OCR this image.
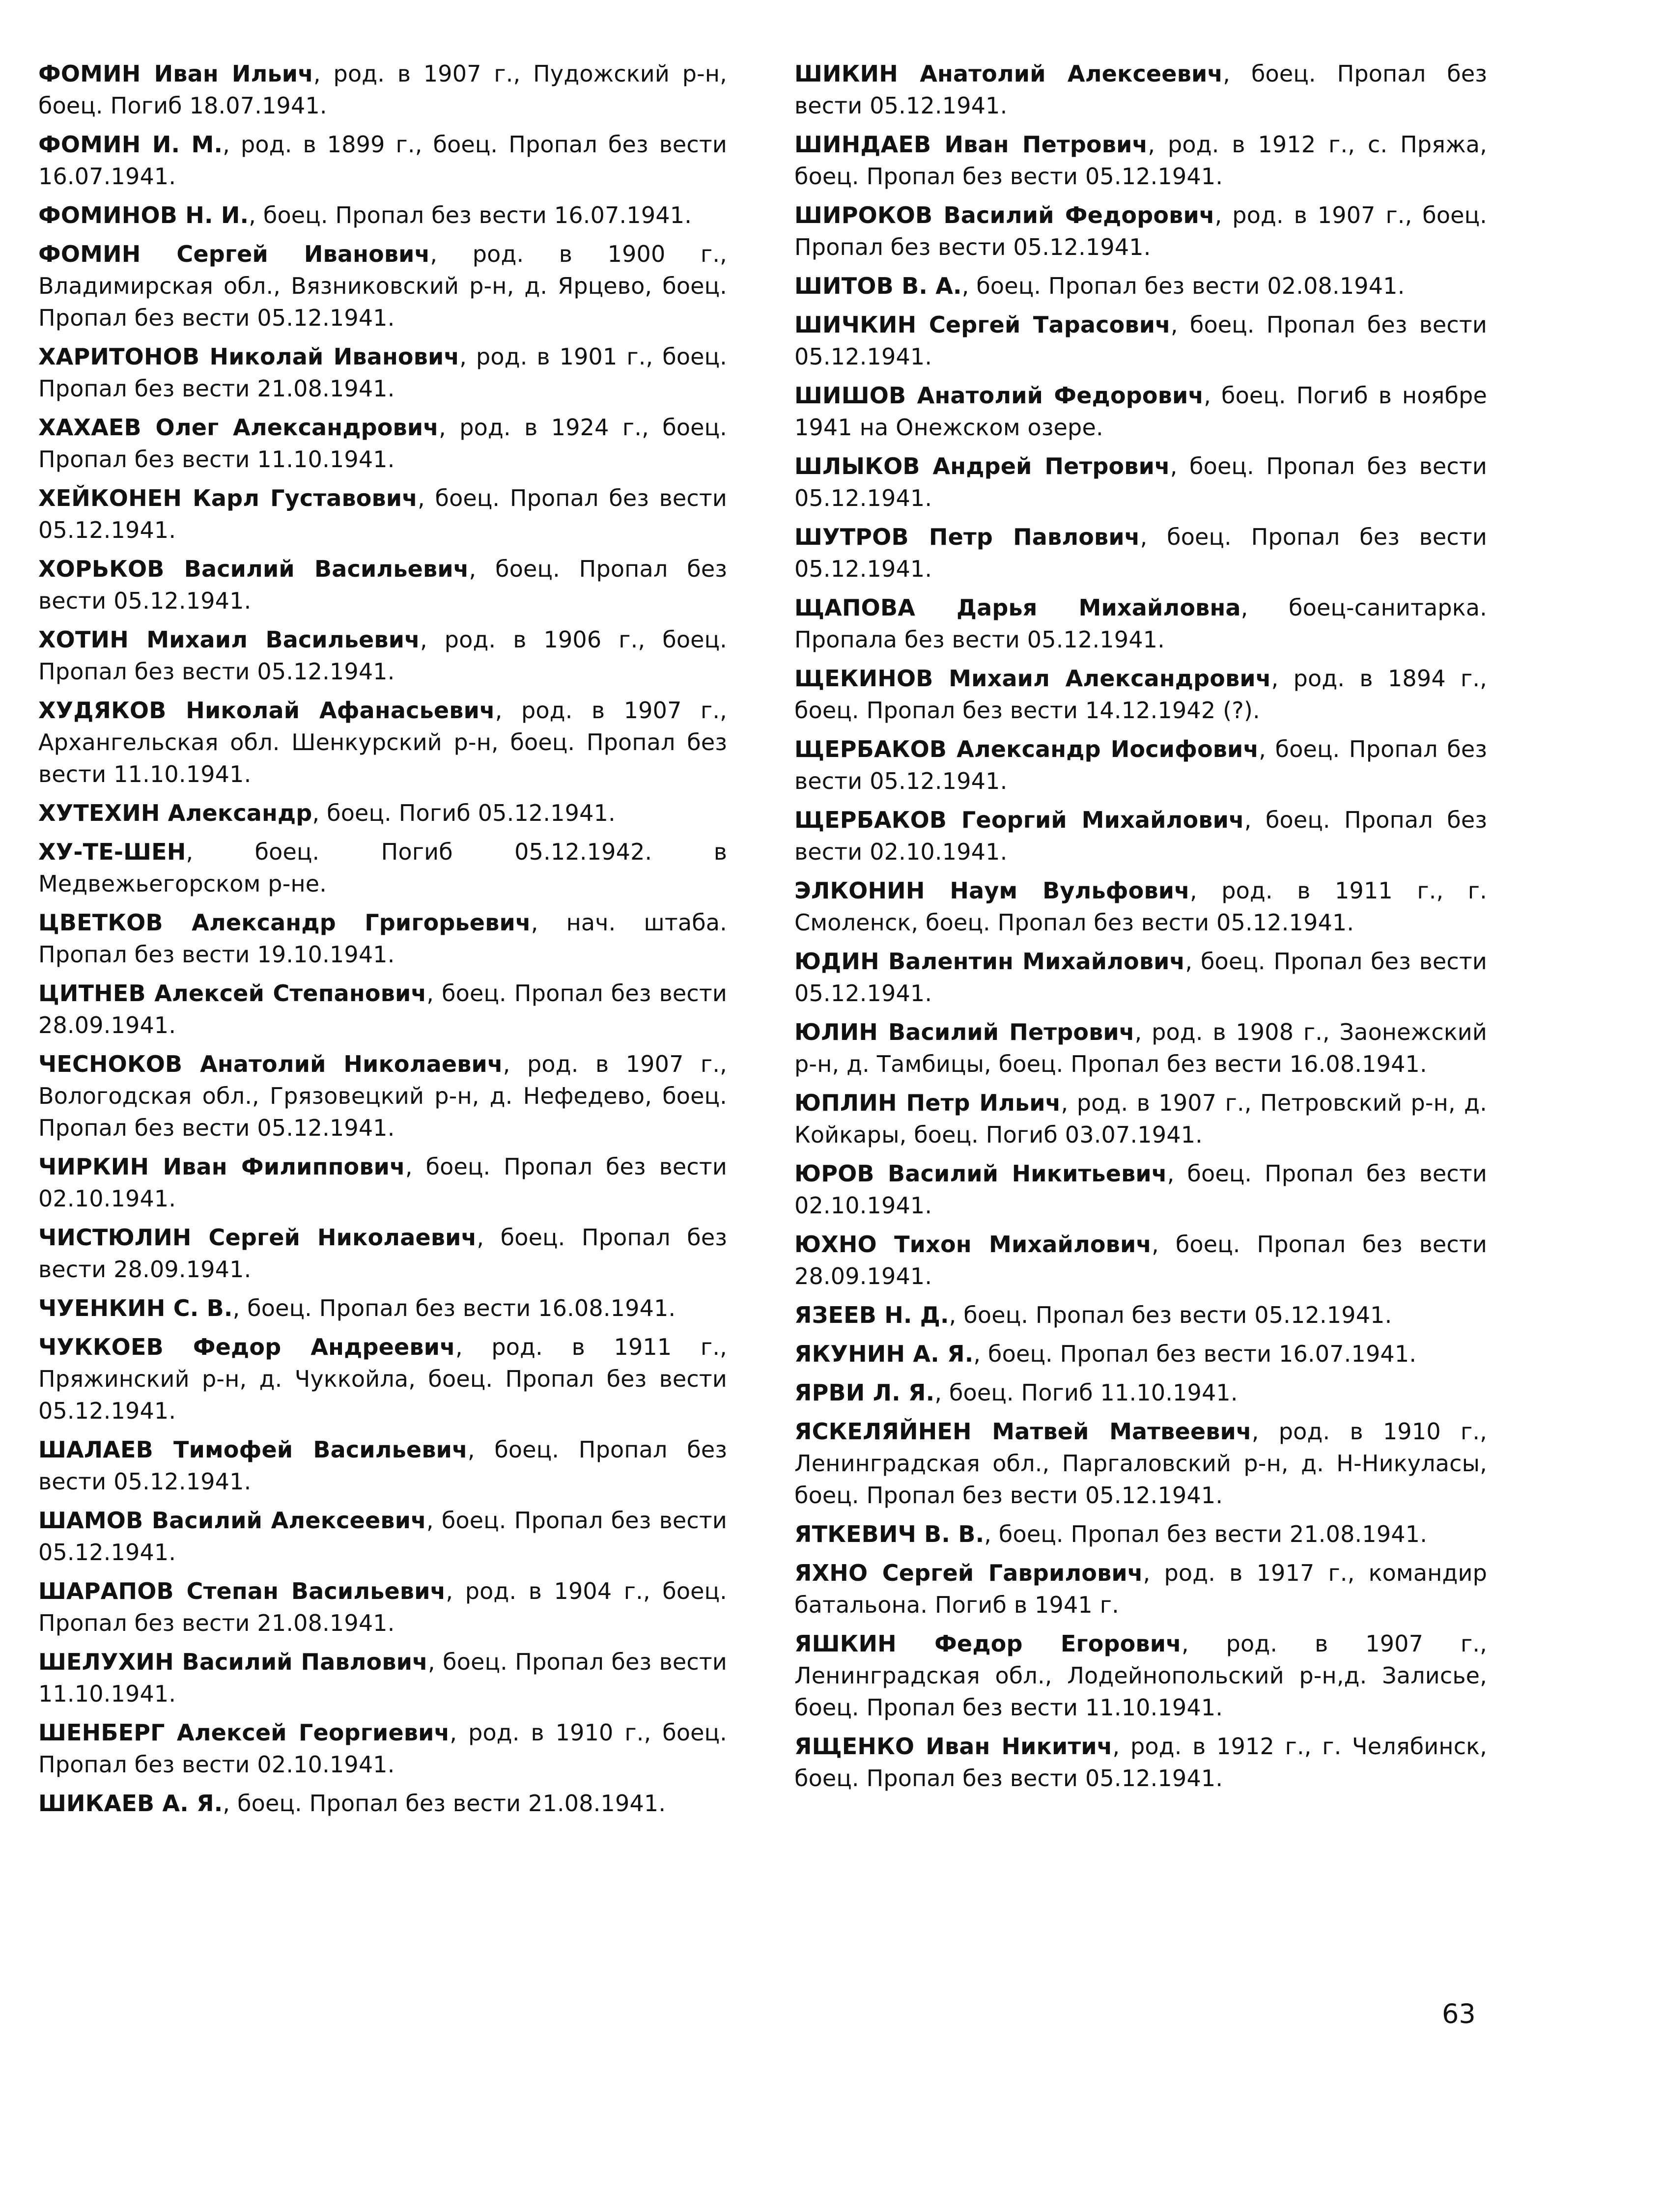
ФОМИН Иван Ильич, род. в 1907 г., Пудожский р-н, боец. Погиб 18.07.1941.

ФОМИН И. М., род. в 1899 г., боец. Пропал без вести 16.07.1941.

ФОМИНОВ Н. И., боец. Пропал без вести 16.07.1941.

ФОМИН Сергей Иванович, род. в 1900 г., Владимирская обл., Вязниковский р-н, д. Ярцево, боец. Пропал без вести 05.12.1941.

ХАРИТОНОВ Николай Иванович, род. в 1901 г., боец. Пропал без вести 21.08.1941.

ХАХАЕВ Олег Александрович, род. в 1924 г., боец. Пропал без вести 11.10.1941.

ХЕЙКОНЕН Карл Густавович, боец. Пропал без вести 05.12.1941.

ХОРЬКОВ Василий Васильевич, боец. Пропал без вести 05.12.1941.

ХОТИН Михаил Васильевич, род. в 1906 г., боец. Пропал без вести 05.12.1941.

ХУДЯКОВ Николай Афанасьевич, род. в 1907 г., Архангельская обл. Шенкурский р-н, боец. Пропал без вести 11.10.1941.

ХУТЕХИН Александр, боец. Погиб 05.12.1941.

ХУ-ТЕ-ШЕН, боец. Погиб 05.12.1942. в Медвежьегорском р-не.

ЦВЕТКОВ Александр Григорьевич, нач. штаба. Пропал без вести 19.10.1941.

ЦИТНЕВ Алексей Степанович, боец. Пропал без вести 28.09.1941.

ЧЕСНОКОВ Анатолий Николаевич, род. в 1907 г., Вологодская обл., Грязовецкий р-н, д. Нефедево, боец. Пропал без вести 05.12.1941.

ЧИРКИН Иван Филиппович, боец. Пропал без вести 02.10.1941.

ЧИСТЮЛИН Сергей Николаевич, боец. Пропал без вести 28.09.1941.

ЧУЕНКИН С. В., боец. Пропал без вести 16.08.1941.

ЧУККОЕВ Федор Андреевич, род. в 1911 г., Пряжинский р-н, д. Чуккойла, боец. Пропал без вести 05.12.1941.

ШАЛАЕВ Тимофей Васильевич, боец. Пропал без вести 05.12.1941.

ШАМОВ Василий Алексеевич, боец. Пропал без вести 05.12.1941.

ШАРАПОВ Степан Васильевич, род. в 1904 г., боец. Пропал без вести 21.08.1941.

ШЕЛУХИН Василий Павлович, боец. Пропал без вести 11.10.1941.

ШЕНБЕРГ Алексей Георгиевич, род. в 1910 г., боец. Пропал без вести 02.10.1941.

ШИКАЕВ А. Я., боец. Пропал без вести 21.08.1941.

ШИКИН Анатолий Алексеевич, боец. Пропал без вести 05.12.1941.

ШИНДАЕВ Иван Петрович, род. в 1912 г., с. Пряжа, боец. Пропал без вести 05.12.1941.

ШИРОКОВ Василий Федорович, род. в 1907 г., боец. Пропал без вести 05.12.1941.

ШИТОВ В. А., боец. Пропал без вести 02.08.1941.

ШИЧКИН Сергей Тарасович, боец. Пропал без вести 05.12.1941.

ШИШОВ Анатолий Федорович, боец. Погиб в ноябре 1941 на Онежском озере.

ШЛЫКОВ Андрей Петрович, боец. Пропал без вести 05.12.1941.

ШУТРОВ Петр Павлович, боец. Пропал без вести 05.12.1941.

ЩАПОВА Дарья Михайловна, боец-санитарка. Пропала без вести 05.12.1941.

ЩЕКИНОВ Михаил Александрович, род. в 1894 г., боец. Пропал без вести 14.12.1942 (?).

ЩЕРБАКОВ Александр Иосифович, боец. Пропал без вести 05.12.1941.

ЩЕРБАКОВ Георгий Михайлович, боец. Пропал без вести 02.10.1941.

ЭЛКОНИН Наум Вульфович, род. в 1911 г., г. Смоленск, боец. Пропал без вести 05.12.1941.

ЮДИН Валентин Михайлович, боец. Пропал без вести 05.12.1941.

ЮЛИН Василий Петрович, род. в 1908 г., Заонежский р-н, д. Тамбицы, боец. Пропал без вести 16.08.1941.

ЮПЛИН Петр Ильич, род. в 1907 г., Петровский р-н, д. Койкары, боец. Погиб 03.07.1941.

ЮРОВ Василий Никитьевич, боец. Пропал без вести 02.10.1941.

ЮХНО Тихон Михайлович, боец. Пропал без вести 28.09.1941.

ЯЗЕЕВ Н. Д., боец. Пропал без вести 05.12.1941.

ЯКУНИН А. Я., боец. Пропал без вести 16.07.1941.

ЯРВИ Л. Я., боец. Погиб 11.10.1941.

ЯСКЕЛЯЙНЕН Матвей Матвеевич, род. в 1910 г., Ленинградская обл., Паргаловский р-н, д. Н-Никуласы, боец. Пропал без вести 05.12.1941.

ЯТКЕВИЧ В. В., боец. Пропал без вести 21.08.1941.

ЯХНО Сергей Гаврилович, род. в 1917 г., командир батальона. Погиб в 1941 г.

ЯШКИН Федор Егорович, род. в 1907 г., Ленинградская обл., Лодейнопольский р-н,д. Залисье, боец. Пропал без вести 11.10.1941.

ЯЩЕНКО Иван Никитич, род. в 1912 г., г. Челябинск, боец. Пропал без вести 05.12.1941.

63
